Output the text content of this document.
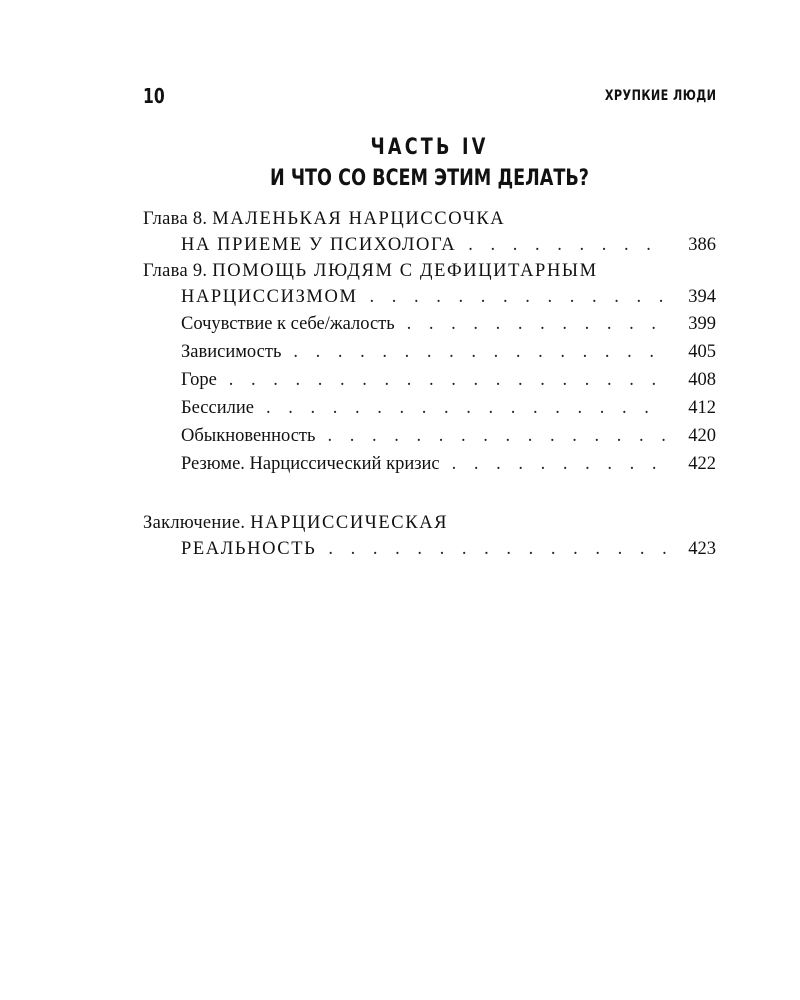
10	ХРУПКИЕ ЛЮДИ
ЧАСТЬ IV
И ЧТО СО ВСЕМ ЭТИМ ДЕЛАТЬ?
Глава 8. МАЛЕНЬКАЯ НАРЦИССОЧКА
НА ПРИЕМЕ У ПСИХОЛОГА . . .	386
Глава 9. ПОМОЩЬ ЛЮДЯМ С ДЕФИЦИТАРНЫМ
НАРЦИССИЗМОМ . . .	394
Сочувствие к себе/жалость . . .	399
Зависимость . . .	405
Горе . . .	408
Бессилие . . .	412
Обыкновенность . . .	420
Резюме. Нарциссический кризис . . .	422
Заключение. НАРЦИССИЧЕСКАЯ
РЕАЛЬНОСТЬ . . .	423
